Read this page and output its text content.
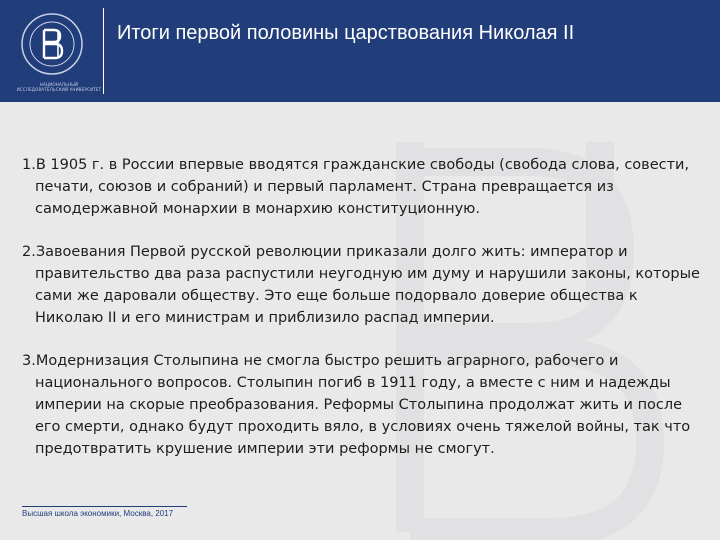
НАЦИОНАЛЬНЫЙ ИССЛЕДОВАТЕЛЬСКИЙ УНИВЕРСИТЕТ
Итоги первой половины царствования Николая II

1.В 1905 г. в России впервые вводятся гражданские свободы (свобода слова, совести, печати, союзов и собраний) и первый парламент. Страна превращается из самодержавной монархии в монархию конституционную.

2.Завоевания Первой русской революции приказали долго жить: император и правительство два раза распустили неугодную им думу и нарушили законы, которые сами же даровали обществу. Это еще больше подорвало доверие общества к Николаю II и его министрам и приблизило распад империи.

3.Модернизация Столыпина не смогла быстро решить аграрного, рабочего и национального вопросов. Столыпин погиб в 1911 году, а вместе с ним и надежды империи на скорые преобразования. Реформы Столыпина продолжат жить и после его смерти, однако будут проходить вяло, в условиях очень тяжелой войны, так что предотвратить крушение империи эти реформы не смогут.

Высшая школа экономики, Москва, 2017
